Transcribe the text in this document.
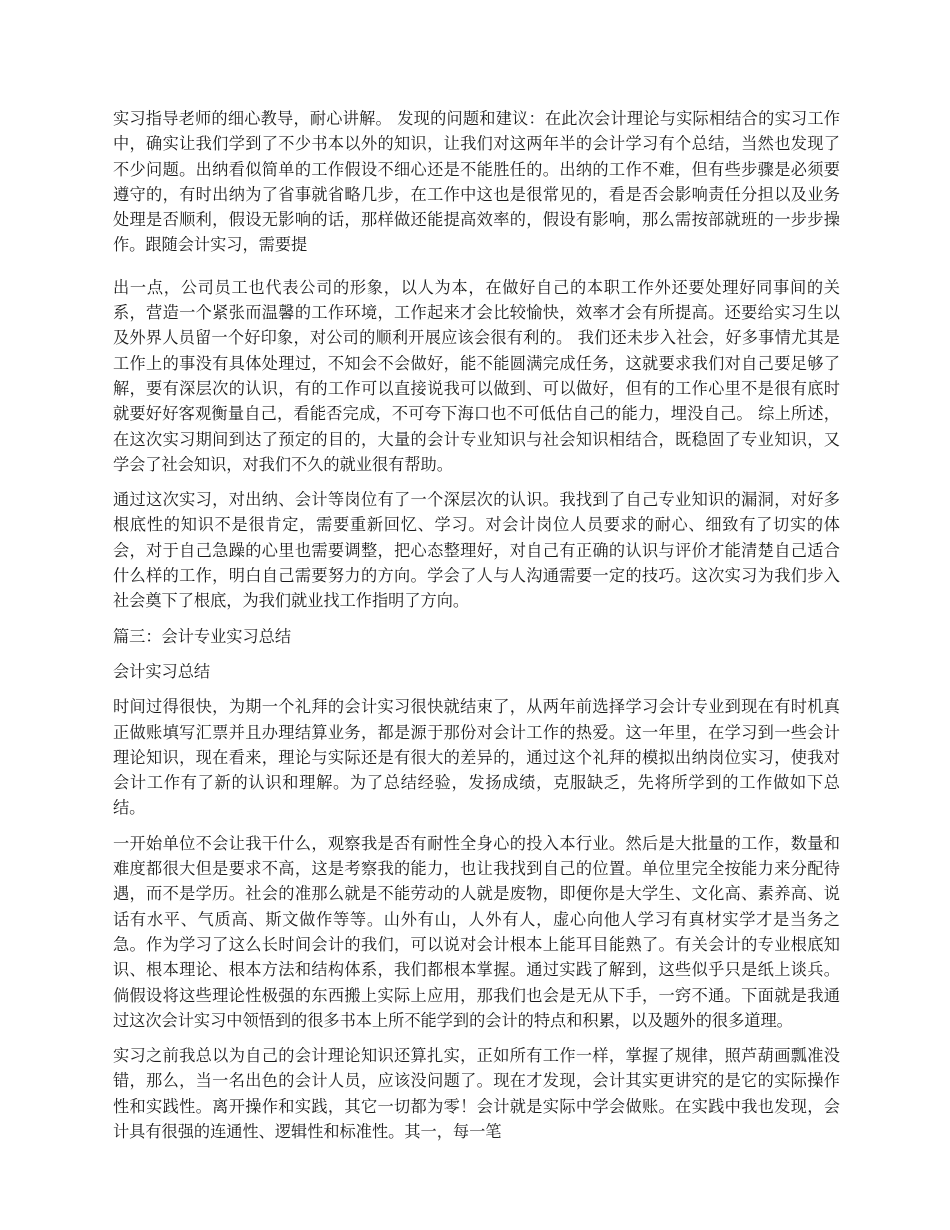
实习指导老师的细心教导，耐心讲解。 发现的问题和建议：在此次会计理论与实际相结合的实习工作中，确实让我们学到了不少书本以外的知识，让我们对这两年半的会计学习有个总结，当然也发现了不少问题。出纳看似简单的工作假设不细心还是不能胜任的。出纳的工作不难，但有些步骤是必须要遵守的，有时出纳为了省事就省略几步，在工作中这也是很常见的，看是否会影响责任分担以及业务处理是否顺利，假设无影响的话，那样做还能提高效率的，假设有影响，那么需按部就班的一步步操作。跟随会计实习，需要提

出一点，公司员工也代表公司的形象，以人为本，在做好自己的本职工作外还要处理好同事间的关系，营造一个紧张而温馨的工作环境，工作起来才会比较愉快，效率才会有所提高。还要给实习生以及外界人员留一个好印象，对公司的顺利开展应该会很有利的。 我们还未步入社会，好多事情尤其是工作上的事没有具体处理过，不知会不会做好，能不能圆满完成任务，这就要求我们对自己要足够了解，要有深层次的认识，有的工作可以直接说我可以做到、可以做好，但有的工作心里不是很有底时就要好好客观衡量自己，看能否完成，不可夸下海口也不可低估自己的能力，埋没自己。 综上所述，在这次实习期间到达了预定的目的，大量的会计专业知识与社会知识相结合，既稳固了专业知识，又学会了社会知识，对我们不久的就业很有帮助。

通过这次实习，对出纳、会计等岗位有了一个深层次的认识。我找到了自己专业知识的漏洞，对好多根底性的知识不是很肯定，需要重新回忆、学习。对会计岗位人员要求的耐心、细致有了切实的体会，对于自己急躁的心里也需要调整，把心态整理好，对自己有正确的认识与评价才能清楚自己适合什么样的工作，明白自己需要努力的方向。学会了人与人沟通需要一定的技巧。这次实习为我们步入社会奠下了根底，为我们就业找工作指明了方向。

篇三：会计专业实习总结

会计实习总结

时间过得很快，为期一个礼拜的会计实习很快就结束了，从两年前选择学习会计专业到现在有时机真正做账填写汇票并且办理结算业务，都是源于那份对会计工作的热爱。这一年里，在学习到一些会计理论知识，现在看来，理论与实际还是有很大的差异的，通过这个礼拜的模拟出纳岗位实习，使我对会计工作有了新的认识和理解。为了总结经验，发扬成绩，克服缺乏，先将所学到的工作做如下总结。

一开始单位不会让我干什么，观察我是否有耐性全身心的投入本行业。然后是大批量的工作，数量和难度都很大但是要求不高，这是考察我的能力，也让我找到自己的位置。单位里完全按能力来分配待遇，而不是学历。社会的准那么就是不能劳动的人就是废物，即便你是大学生、文化高、素养高、说话有水平、气质高、斯文做作等等。山外有山，人外有人，虚心向他人学习有真材实学才是当务之急。作为学习了这么长时间会计的我们，可以说对会计根本上能耳目能熟了。有关会计的专业根底知识、根本理论、根本方法和结构体系，我们都根本掌握。通过实践了解到，这些似乎只是纸上谈兵。倘假设将这些理论性极强的东西搬上实际上应用，那我们也会是无从下手，一窍不通。下面就是我通过这次会计实习中领悟到的很多书本上所不能学到的会计的特点和积累，以及题外的很多道理。

实习之前我总以为自己的会计理论知识还算扎实，正如所有工作一样，掌握了规律，照芦葫画瓢准没错，那么，当一名出色的会计人员，应该没问题了。现在才发现，会计其实更讲究的是它的实际操作性和实践性。离开操作和实践，其它一切都为零！会计就是实际中学会做账。在实践中我也发现，会计具有很强的连通性、逻辑性和标准性。其一，每一笔
